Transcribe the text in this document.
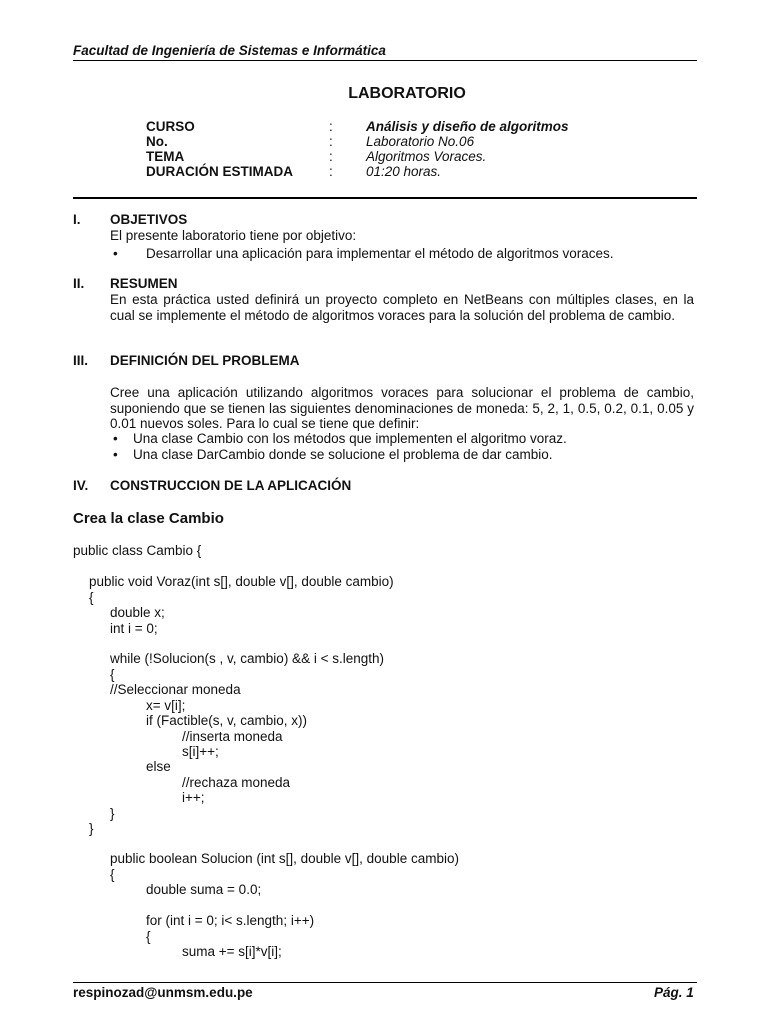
Facultad de Ingeniería de Sistemas e Informática
LABORATORIO
CURSO	: Análisis y diseño de algoritmos
No.	: Laboratorio No.06
TEMA	: Algoritmos Voraces.
DURACIÓN ESTIMADA	: 01:20 horas.
I. OBJETIVOS
El presente laboratorio tiene por objetivo:
• Desarrollar una aplicación para implementar el método de algoritmos voraces.
II. RESUMEN
En esta práctica usted definirá un proyecto completo en NetBeans con múltiples clases, en la cual se implemente el método de algoritmos voraces para la solución del problema de cambio.
III. DEFINICIÓN DEL PROBLEMA
Cree una aplicación utilizando algoritmos voraces para solucionar el problema de cambio, suponiendo que se tienen las siguientes denominaciones de moneda: 5, 2, 1, 0.5, 0.2, 0.1, 0.05 y 0.01 nuevos soles. Para lo cual se tiene que definir:
• Una clase Cambio con los métodos que implementen el algoritmo voraz.
• Una clase DarCambio donde se solucione el problema de dar cambio.
IV. CONSTRUCCION DE LA APLICACIÓN
Crea la clase Cambio
public class Cambio {
public void Voraz(int s[], double v[], double cambio)
{
double x;
int i = 0;
while (!Solucion(s , v, cambio) && i < s.length)
{
//Seleccionar moneda
x= v[i];
if (Factible(s, v, cambio, x))
//inserta moneda
s[i]++;
else
//rechaza moneda
i++;
}
}
public boolean Solucion (int s[], double v[], double cambio)
{
double suma = 0.0;
for (int i = 0; i< s.length; i++)
{
suma += s[i]*v[i];
respinozad@unmsm.edu.pe	Pág. 1
